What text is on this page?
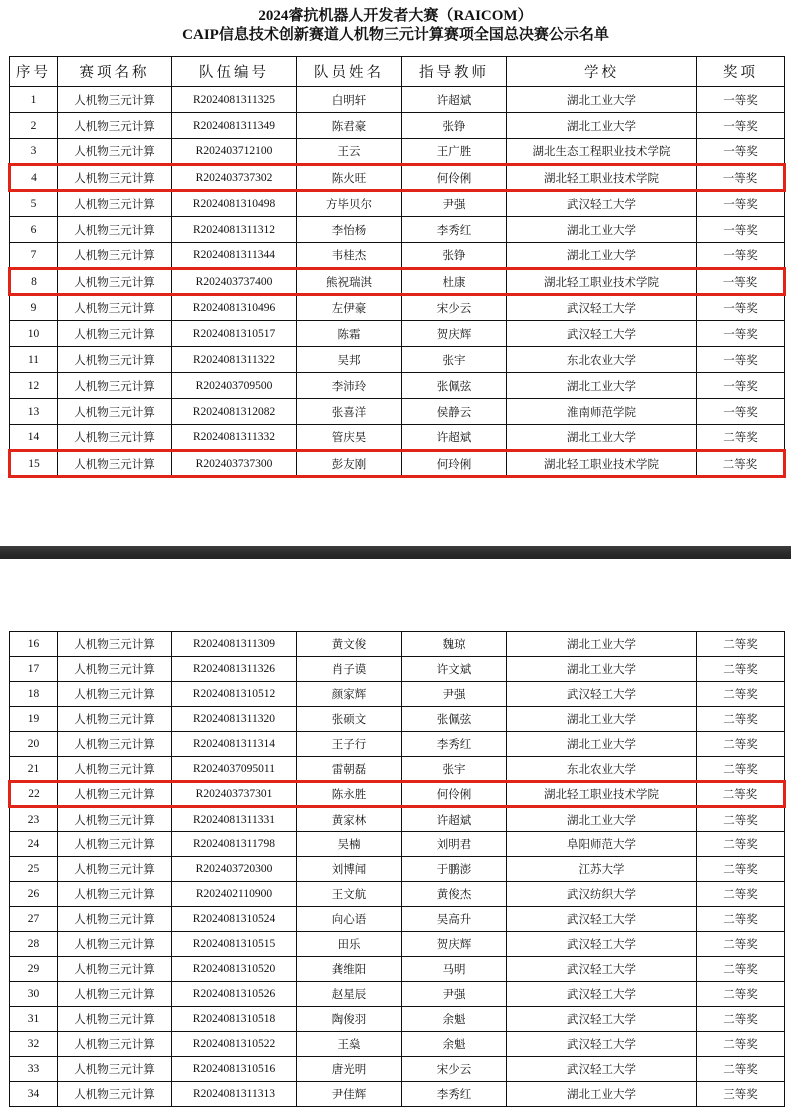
2024睿抗机器人开发者大赛（RAICOM）
CAIP信息技术创新赛道人机物三元计算赛项全国总决赛公示名单
序号	赛项名称	队伍编号	队员姓名	指导教师	学校	奖项
1	人机物三元计算	R2024081311325	白明轩	许超斌	湖北工业大学	一等奖
2	人机物三元计算	R2024081311349	陈君豪	张铮	湖北工业大学	一等奖
3	人机物三元计算	R202403712100	王云	王广胜	湖北生态工程职业技术学院	一等奖
4	人机物三元计算	R202403737302	陈火旺	何伶俐	湖北轻工职业技术学院	一等奖
5	人机物三元计算	R2024081310498	方毕贝尔	尹强	武汉轻工大学	一等奖
6	人机物三元计算	R2024081311312	李怡杨	李秀红	湖北工业大学	一等奖
7	人机物三元计算	R2024081311344	韦桂杰	张铮	湖北工业大学	一等奖
8	人机物三元计算	R202403737400	熊祝瑞淇	杜康	湖北轻工职业技术学院	一等奖
9	人机物三元计算	R2024081310496	左伊豪	宋少云	武汉轻工大学	一等奖
10	人机物三元计算	R2024081310517	陈霜	贺庆辉	武汉轻工大学	一等奖
11	人机物三元计算	R2024081311322	吴邦	张宇	东北农业大学	一等奖
12	人机物三元计算	R202403709500	李沛玲	张佩弦	湖北工业大学	一等奖
13	人机物三元计算	R2024081312082	张喜洋	侯静云	淮南师范学院	一等奖
14	人机物三元计算	R2024081311332	管庆昊	许超斌	湖北工业大学	二等奖
15	人机物三元计算	R202403737300	彭友刚	何玲俐	湖北轻工职业技术学院	二等奖
16	人机物三元计算	R2024081311309	黄文俊	魏琼	湖北工业大学	二等奖
17	人机物三元计算	R2024081311326	肖子谟	许文斌	湖北工业大学	二等奖
18	人机物三元计算	R2024081310512	颜家辉	尹强	武汉轻工大学	二等奖
19	人机物三元计算	R2024081311320	张硕文	张佩弦	湖北工业大学	二等奖
20	人机物三元计算	R2024081311314	王子行	李秀红	湖北工业大学	二等奖
21	人机物三元计算	R2024037095011	雷朝磊	张宇	东北农业大学	二等奖
22	人机物三元计算	R202403737301	陈永胜	何伶俐	湖北轻工职业技术学院	二等奖
23	人机物三元计算	R2024081311331	黄家林	许超斌	湖北工业大学	二等奖
24	人机物三元计算	R2024081311798	吴楠	刘明君	阜阳师范大学	二等奖
25	人机物三元计算	R202403720300	刘博闻	于鹏澎	江苏大学	二等奖
26	人机物三元计算	R202402110900	王文航	黄俊杰	武汉纺织大学	二等奖
27	人机物三元计算	R2024081310524	向心语	吴高升	武汉轻工大学	二等奖
28	人机物三元计算	R2024081310515	田乐	贺庆辉	武汉轻工大学	二等奖
29	人机物三元计算	R2024081310520	龚维阳	马明	武汉轻工大学	二等奖
30	人机物三元计算	R2024081310526	赵星辰	尹强	武汉轻工大学	二等奖
31	人机物三元计算	R2024081310518	陶俊羽	余魁	武汉轻工大学	二等奖
32	人机物三元计算	R2024081310522	王燊	余魁	武汉轻工大学	二等奖
33	人机物三元计算	R2024081310516	唐光明	宋少云	武汉轻工大学	二等奖
34	人机物三元计算	R2024081311313	尹佳辉	李秀红	湖北工业大学	三等奖
